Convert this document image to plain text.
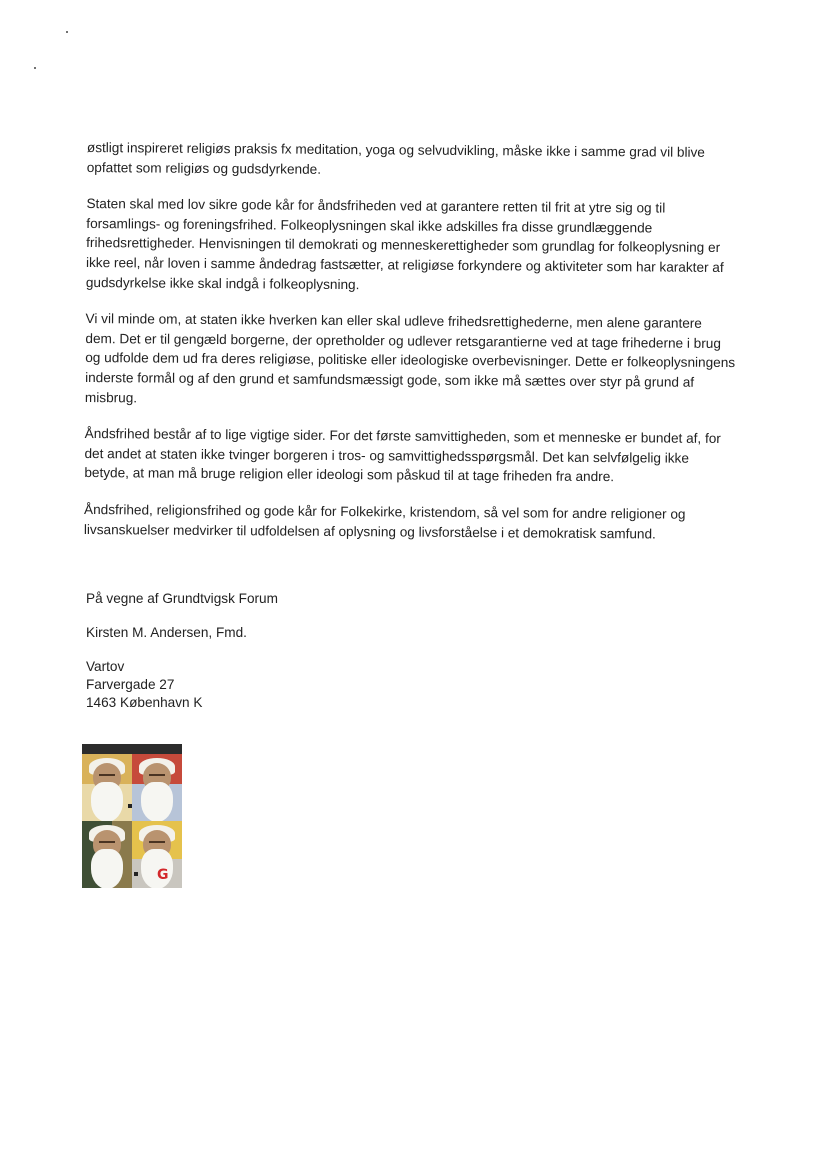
østligt inspireret religiøs praksis fx meditation, yoga og selvudvikling, måske ikke i samme grad vil blive opfattet som religiøs og gudsdyrkende.

Staten skal med lov sikre gode kår for åndsfriheden ved at garantere retten til frit at ytre sig og til forsamlings- og foreningsfrihed. Folkeoplysningen skal ikke adskilles fra disse grundlæggende frihedsrettigheder. Henvisningen til demokrati og menneskerettigheder som grundlag for folkeoplysning er ikke reel, når loven i samme åndedrag fastsætter, at religiøse forkyndere og aktiviteter som har karakter af gudsdyrkelse ikke skal indgå i folkeoplysning.

Vi vil minde om, at staten ikke hverken kan eller skal udleve frihedsrettighederne, men alene garantere dem. Det er til gengæld borgerne, der opretholder og udlever retsgarantierne ved at tage frihederne i brug og udfolde dem ud fra deres religiøse, politiske eller ideologiske overbevisninger. Dette er folkeoplysningens inderste formål og af den grund et samfundsmæssigt gode, som ikke må sættes over styr på grund af misbrug.

Åndsfrihed består af to lige vigtige sider. For det første samvittigheden, som et menneske er bundet af, for det andet at staten ikke tvinger borgeren i tros- og samvittighedsspørgsmål. Det kan selvfølgelig ikke betyde, at man må bruge religion eller ideologi som påskud til at tage friheden fra andre.

Åndsfrihed, religionsfrihed og gode kår for Folkekirke, kristendom, så vel som for andre religioner og livsanskuelser medvirker til udfoldelsen af oplysning og livsforståelse i et demokratisk samfund.

På vegne af Grundtvigsk Forum

Kirsten M. Andersen, Fmd.

Vartov
Farvergade 27
1463 København K

G
